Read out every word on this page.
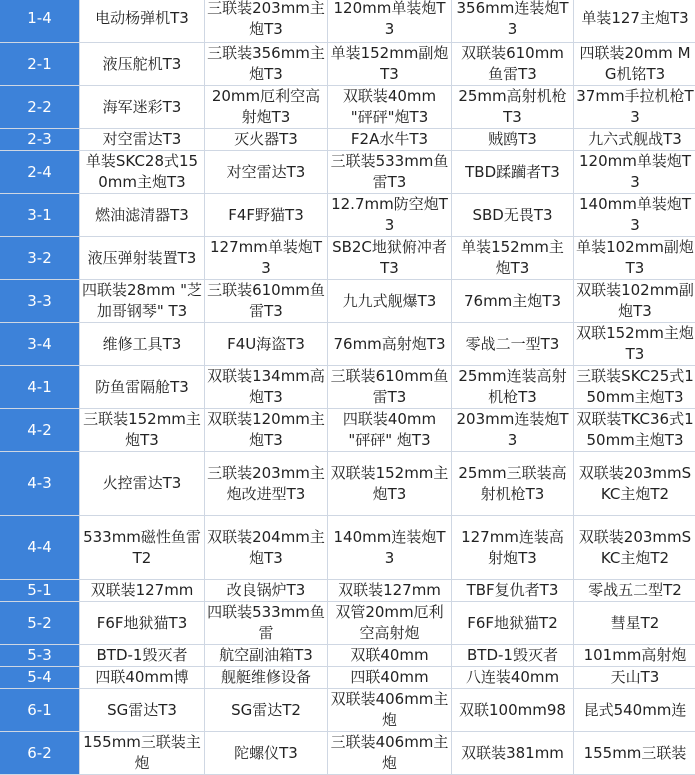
1-4	电动杨弹机T3	三联装203mm主炮T3	120mm单装炮T3	356mm连装炮T3	单装127主炮T3
2-1	液压舵机T3	三联装356mm主炮T3	单装152mm副炮T3	双联装610mm鱼雷T3	四联装20mm MG机铭T3
2-2	海军迷彩T3	20mm厄利空高射炮T3	双联装40mm "砰砰"炮T3	25mm高射机枪T3	37mm手拉机枪T3
2-3	对空雷达T3	灭火器T3	F2A水牛T3	贼鸥T3	九六式舰战T3
2-4	单装SKC28式150mm主炮T3	对空雷达T3	三联装533mm鱼雷T3	TBD蹂躏者T3	120mm单装炮T3
3-1	燃油滤清器T3	F4F野猫T3	12.7mm防空炮T3	SBD无畏T3	140mm单装炮T3
3-2	液压弹射装置T3	127mm单装炮T3	SB2C地狱俯冲者T3	单装152mm主炮T3	单装102mm副炮T3
3-3	四联装28mm "芝加哥钢琴" T3	三联装610mm鱼雷T3	九九式舰爆T3	76mm主炮T3	双联装102mm副炮T3
3-4	维修工具T3	F4U海盗T3	76mm高射炮T3	零战二一型T3	双联152mm主炮T3
4-1	防鱼雷隔舱T3	双联装134mm高炮T3	三联装610mm鱼雷T3	25mm连装高射机枪T3	三联装SKC25式150mm主炮T3
4-2	三联装152mm主炮T3	双联装120mm主炮T3	四联装40mm "砰砰" 炮T3	203mm连装炮T3	双联装TKC36式150mm主炮T3
4-3	火控雷达T3	三联装203mm主炮改进型T3	双联装152mm主炮T3	25mm三联装高射机枪T3	双联装203mmSKC主炮T2
4-4	533mm磁性鱼雷T2	双联装204mm主炮T3	140mm连装炮T3	127mm连装高射炮T3	双联装203mmSKC主炮T2
5-1	双联装127mm	改良锅炉T3	双联装127mm	TBF复仇者T3	零战五二型T2
5-2	F6F地狱猫T3	四联装533mm鱼雷	双管20mm厄利空高射炮	F6F地狱猫T2	彗星T2
5-3	BTD-1毁灭者	航空副油箱T3	双联40mm	BTD-1毁灭者	101mm高射炮
5-4	四联40mm博	舰艇维修设备	四联40mm	八连装40mm	天山T3
6-1	SG雷达T3	SG雷达T2	双联装406mm主炮	双联100mm98	昆式540mm连
6-2	155mm三联装主炮	陀螺仪T3	三联装406mm主炮	双联装381mm	155mm三联装
